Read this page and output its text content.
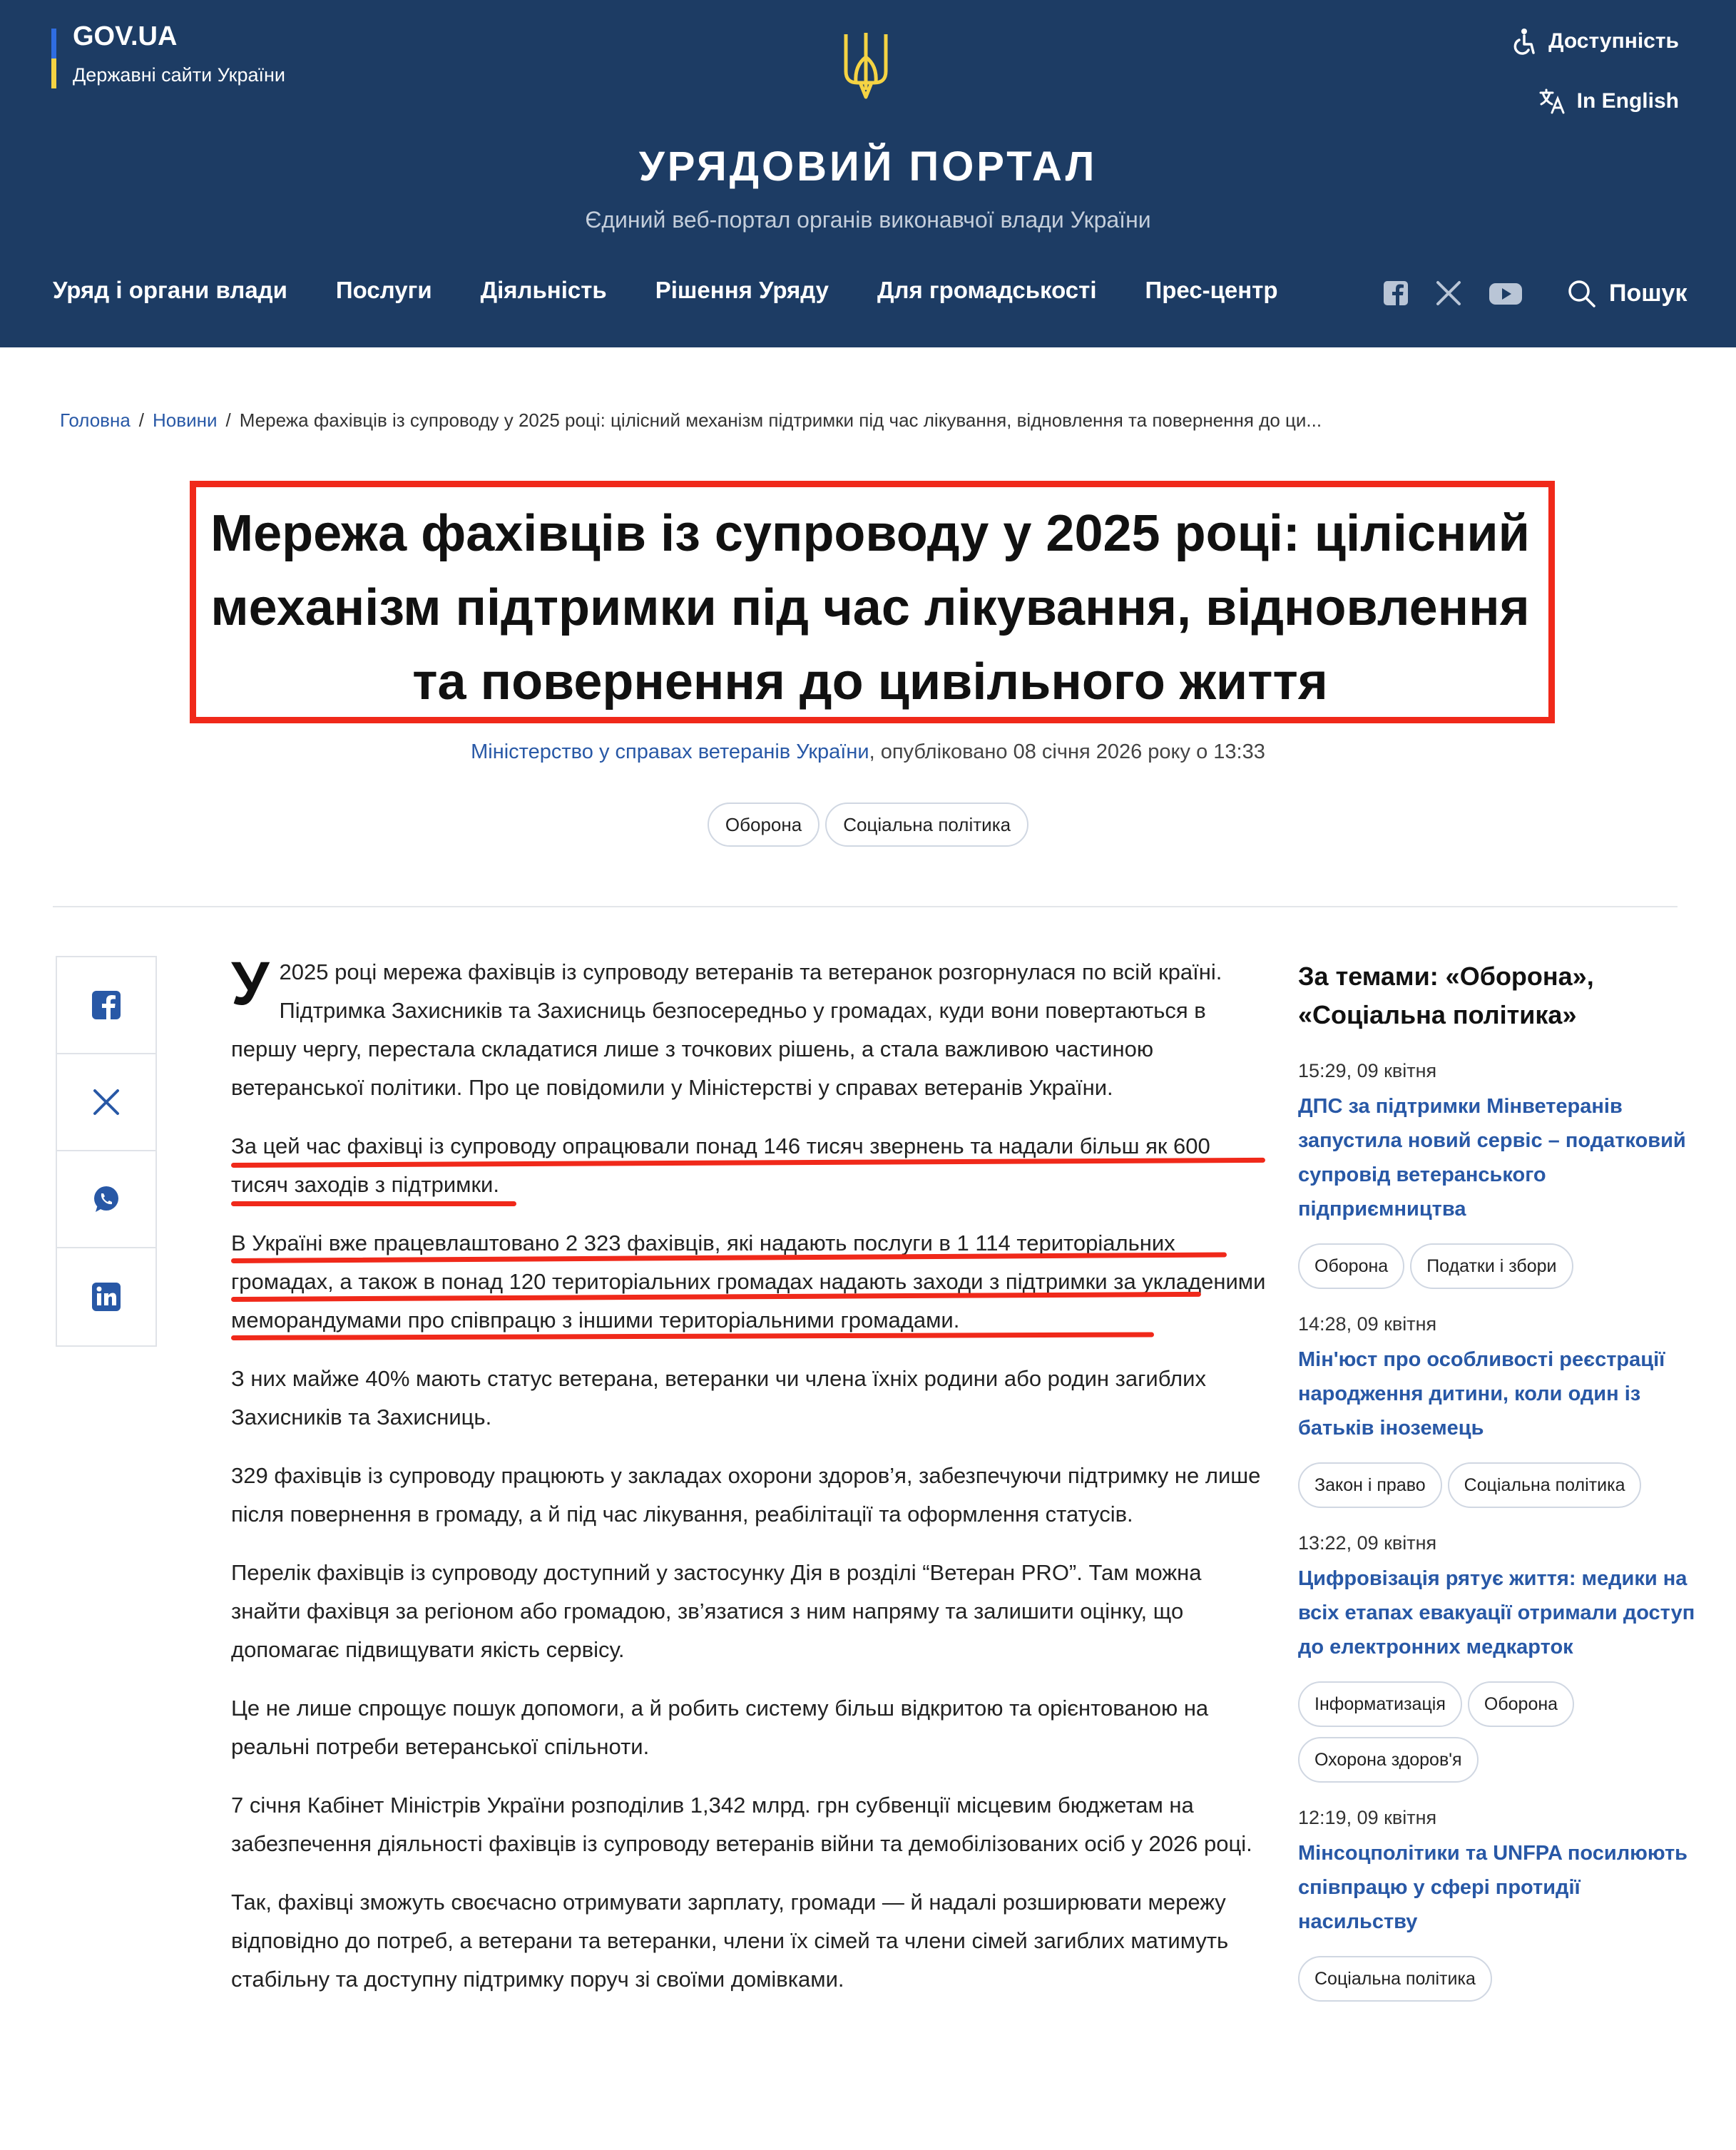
GOV.UA
Державні сайти України
Доступність
In English
УРЯДОВИЙ ПОРТАЛ
Єдиний веб-портал органів виконавчої влади України
Уряд і органи влади Послуги Діяльність Рішення Уряду Для громадськості Прес-центр	Пошук
Головна / Новини / Мережа фахівців із супроводу у 2025 році: цілісний механізм підтримки під час лікування, відновлення та повернення до ци...
Мережа фахівців із супроводу у 2025 році: цілісний механізм підтримки під час лікування, відновлення та повернення до цивільного життя
Міністерство у справах ветеранів України, опубліковано 08 січня 2026 року о 13:33
Оборона	Соціальна політика

У 2025 році мережа фахівців із супроводу ветеранів та ветеранок розгорнулася по всій країні. Підтримка Захисників та Захисниць безпосередньо у громадах, куди вони повертаються в першу чергу, перестала складатися лише з точкових рішень, а стала важливою частиною ветеранської політики. Про це повідомили у Міністерстві у справах ветеранів України.

За цей час фахівці із супроводу опрацювали понад 146 тисяч звернень та надали більш як 600 тисяч заходів з підтримки.

В Україні вже працевлаштовано 2 323 фахівців, які надають послуги в 1 114 територіальних громадах, а також в понад 120 територіальних громадах надають заходи з підтримки за укладеними меморандумами про співпрацю з іншими територіальними громадами.

З них майже 40% мають статус ветерана, ветеранки чи члена їхніх родини або родин загиблих Захисників та Захисниць.

329 фахівців із супроводу працюють у закладах охорони здоров’я, забезпечуючи підтримку не лише після повернення в громаду, а й під час лікування, реабілітації та оформлення статусів.

Перелік фахівців із супроводу доступний у застосунку Дія в розділі “Ветеран PRO”. Там можна знайти фахівця за регіоном або громадою, зв’язатися з ним напряму та залишити оцінку, що допомагає підвищувати якість сервісу.

Це не лише спрощує пошук допомоги, а й робить систему більш відкритою та орієнтованою на реальні потреби ветеранської спільноти.

7 січня Кабінет Міністрів України розподілив 1,342 млрд. грн субвенції місцевим бюджетам на забезпечення діяльності фахівців із супроводу ветеранів війни та демобілізованих осіб у 2026 році.

Так, фахівці зможуть своєчасно отримувати зарплату, громади — й надалі розширювати мережу відповідно до потреб, а ветерани та ветеранки, члени їх сімей та члени сімей загиблих матимуть стабільну та доступну підтримку поруч зі своїми домівками.

За темами: «Оборона», «Соціальна політика»
15:29, 09 квітня
ДПС за підтримки Мінветеранів запустила новий сервіс – податковий супровід ветеранського підприємництва
Оборона	Податки і збори
14:28, 09 квітня
Мін'юст про особливості реєстрації народження дитини, коли один із батьків іноземець
Закон і право	Соціальна політика
13:22, 09 квітня
Цифровізація рятує життя: медики на всіх етапах евакуації отримали доступ до електронних медкарток
Інформатизація	Оборона
Охорона здоров'я
12:19, 09 квітня
Мінсоцполітики та UNFPA посилюють співпрацю у сфері протидії насильству
Соціальна політика
